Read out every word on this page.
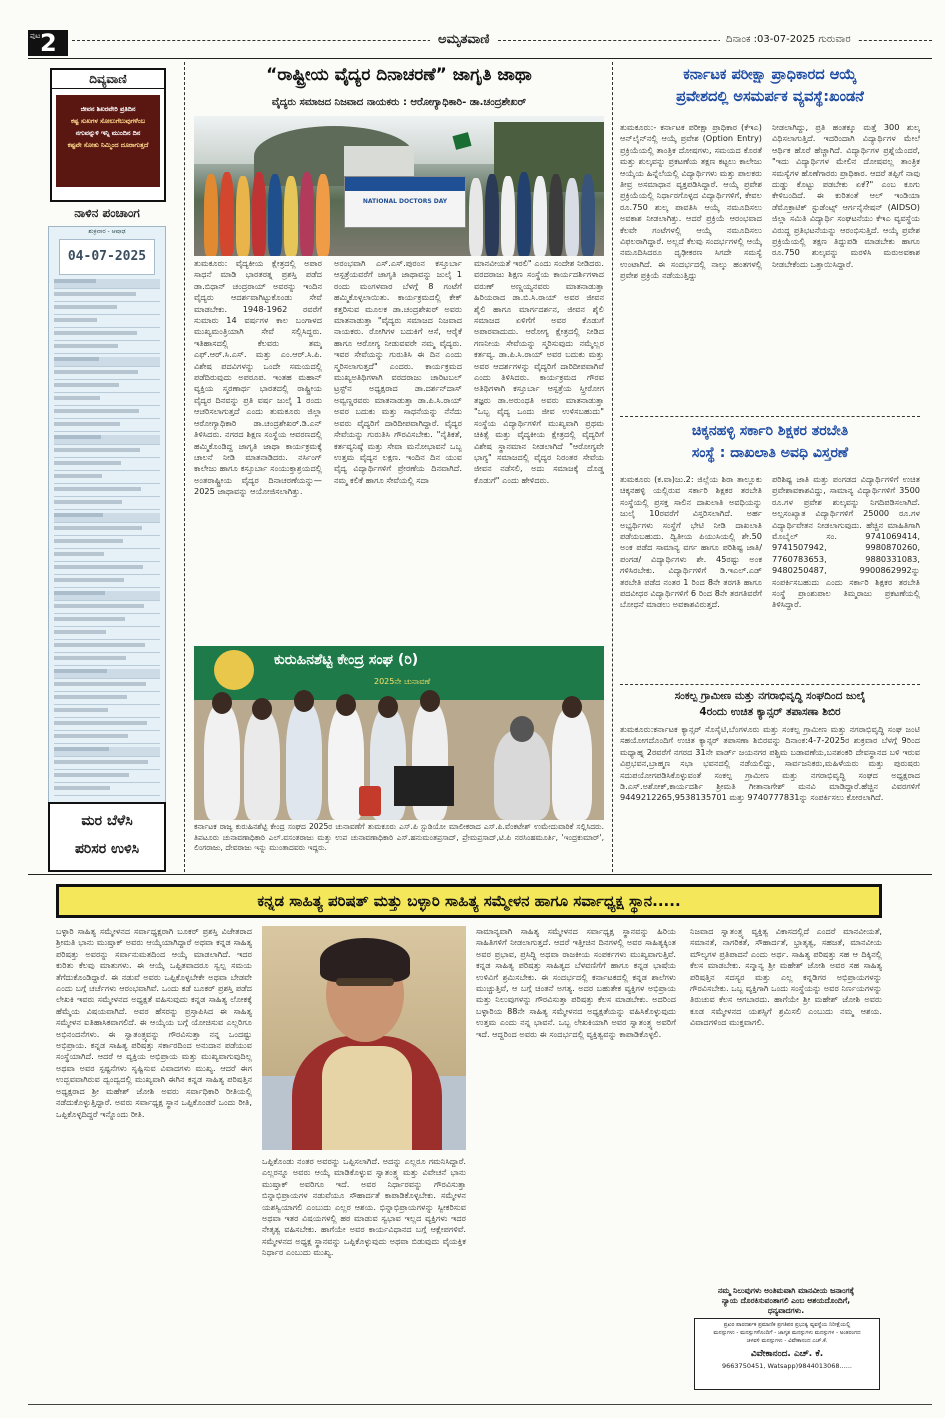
ಪುಟ 2	ಅಮೃತವಾಣಿ	ದಿನಾಂಕ :03-07-2025 ಗುರುವಾರ
ದಿವ್ಯವಾಣಿ
ಜೀವನ ಶಿಖರವೇರಿ ಪ್ರತಿದಿನ
ಕಷ್ಟ ಸುಖಗಳ ಸೋಲುಗೆಲುವುಗಳೆಂಬ
ನಗುವನ್ನುಳಿ ಇನ್ನಿ ಮುಂದಿನ ದಿನ
ಕಷ್ಟವೇ ಸೋತು ನಿಮ್ಮಿಂದ ದೂರಾಗುತ್ತದೆ
ನಾಳಿನ ಪಂಚಾಂಗ
ಶುಕ್ರವಾರ - ಆಷಾಢ
04-07-2025
ಮರ ಬೆಳೆಸಿ
ಪರಿಸರ ಉಳಿಸಿ
“ರಾಷ್ಟ್ರೀಯ ವೈದ್ಯರ ದಿನಾಚರಣೆ” ಜಾಗೃತಿ ಜಾಥಾ
ವೈದ್ಯರು ಸಮಾಜದ ನಿಜವಾದ ನಾಯಕರು : ಆರೋಗ್ಯಾಧಿಕಾರಿ- ಡಾ.ಚಂದ್ರಶೇಖರ್
NATIONAL DOCTORS DAY

ತುಮಕೂರು: ವೈದ್ಯಕೀಯ ಕ್ಷೇತ್ರದಲ್ಲಿ ಅಪಾರ ಸಾಧನೆ ಮಾಡಿ ಭಾರತರತ್ನ ಪ್ರಶಸ್ತಿ ಪಡೆದ ಡಾ.ಬಿಧಾನ್ ಚಂದ್ರರಾಯ್ ಅವರನ್ನು ಇಂದಿನ ವೈದ್ಯರು ಆದರ್ಶವಾಗಿಟ್ಟುಕೊಂಡು ಸೇವೆ ಮಾಡಬೇಕು. 1948-1962 ರವರೆಗೆ ಸುಮಾರು 14 ವರ್ಷಗಳ ಕಾಲ ಬಂಗಾಳದ ಮುಖ್ಯಮಂತ್ರಿಯಾಗಿ ಸೇವೆ ಸಲ್ಲಿಸಿದ್ದರು. ಇತಿಹಾಸದಲ್ಲಿ ಕೆಲವರು ತಮ್ಮ ಎಫ್.ಆರ್.ಸಿ.ಎಸ್. ಮತ್ತು ಎಂ.ಆರ್.ಸಿ.ಪಿ. ವಿಶೇಷ ಪದವಿಗಳನ್ನು ಒಂದೇ ಸಮಯದಲ್ಲಿ ಪಡೆದಿರುವುದು ಅಪರೂಪ. ಇಂತಹ ಮಹಾನ್ ವ್ಯಕ್ತಿಯ ಸ್ಮರಣಾರ್ಥ ಭಾರತದಲ್ಲಿ ರಾಷ್ಟ್ರೀಯ ವೈದ್ಯರ ದಿನವನ್ನು ಪ್ರತಿ ವರ್ಷ ಜುಲೈ 1 ರಂದು ಆಚರಿಸಲಾಗುತ್ತದೆ ಎಂದು ತುಮಕೂರು ಜಿಲ್ಲಾ ಆರೋಗ್ಯಾಧಿಕಾರಿ ಡಾ.ಚಂದ್ರಶೇಖರ್.ಡಿ.ಎನ್ ತಿಳಿಸಿದರು. ನಗರದ ಶಿಕ್ಷಣ ಸಂಸ್ಥೆಯ ಆವರಣದಲ್ಲಿ ಹಮ್ಮಿಕೊಂಡಿದ್ದ ಜಾಗೃತಿ ಜಾಥಾ ಕಾರ್ಯಕ್ರಮಕ್ಕೆ ಚಾಲನೆ ನೀಡಿ ಮಾತನಾಡಿದರು. ನರ್ಸಿಂಗ್ ಕಾಲೇಜು ಹಾಗೂ ಕಸ್ತೂರ್ಬಾ ಸಂಯುಕ್ತಾಶ್ರಯದಲ್ಲಿ ಅಂತರಾಷ್ಟ್ರೀಯ ವೈದ್ಯರ ದಿನಾಚರಣೆಯನ್ನು—2025 ಜಾಥಾವನ್ನು ಆಯೋಜಿಸಲಾಗಿತ್ತು.

ಅರಂಭವಾಗಿ ಎಸ್.ಎಸ್.ಪುರಂನ ಕಸ್ತೂರ್ಬಾ ಆಸ್ಪತ್ರೆಯವರೆಗೆ ಜಾಗೃತಿ ಜಾಥಾವನ್ನು ಜುಲೈ 1 ರಂದು ಮಂಗಳವಾರ ಬೆಳಗ್ಗೆ 8 ಗಂಟೆಗೆ ಹಮ್ಮಿಕೊಳ್ಳಲಾಯಿತು. ಕಾರ್ಯಕ್ರಮದಲ್ಲಿ ಕೇಕ್ ಕತ್ತರಿಸುವ ಮೂಲಕ ಡಾ.ಚಂದ್ರಶೇಖರ್ ಅವರು ಮಾತನಾಡುತ್ತಾ "ವೈದ್ಯರು ಸಮಾಜದ ನಿಜವಾದ ನಾಯಕರು. ರೋಗಿಗಳ ಬದುಕಿಗೆ ಆಸೆ, ಆರೈಕೆ ಹಾಗೂ ಆರೋಗ್ಯ ನೀಡುವವರೇ ನಮ್ಮ ವೈದ್ಯರು. ಇವರ ಸೇವೆಯನ್ನು ಗುರುತಿಸಿ ಈ ದಿನ ಎಂದು ಸ್ಮರಿಸಲಾಗುತ್ತದೆ" ಎಂದರು. ಕಾರ್ಯಕ್ರಮದ ಮುಖ್ಯಅತಿಥಿಗಳಾಗಿ ವರದರಾಜು ಚಾರಿಟಬಲ್ ಟ್ರಸ್ಟ್‌ನ ಅಧ್ಯಕ್ಷರಾದ ಡಾ.ದರ್ಶನ್‌ದಾಸ್ ಅವ್ವಣ್ಣರವರು ಮಾತನಾಡುತ್ತಾ ಡಾ.ಪಿ.ಸಿ.ರಾಯ್ ಅವರ ಬದುಕು ಮತ್ತು ಸಾಧನೆಯನ್ನು ನೆನೆದು ಅವರು ವೈದ್ಯರಿಗೆ ದಾರಿದೀಪವಾಗಿದ್ದಾರೆ. ವೈದ್ಯರ ಸೇವೆಯನ್ನು ಗುರುತಿಸಿ ಗೌರವಿಸಬೇಕು. "ನೈತಿಕತೆ, ಕರ್ತವ್ಯನಿಷ್ಠೆ ಮತ್ತು ಸೇವಾ ಮನೋಭಾವನೆ ಒಬ್ಬ ಉತ್ತಮ ವೈದ್ಯನ ಲಕ್ಷಣ. ಇಂದಿನ ದಿನ ಯುವ ವೈದ್ಯ ವಿದ್ಯಾರ್ಥಿಗಳಿಗೆ ಪ್ರೇರಣೆಯ ದಿನವಾಗಿದೆ. ನಮ್ಮ ಕಲಿಕೆ ಹಾಗೂ ಸೇವೆಯಲ್ಲಿ ಸದಾ

ಮಾನವೀಯತೆ ಇರಲಿ" ಎಂದು ಸಂದೇಶ ನೀಡಿದರು. ವರದರಾಜು ಶಿಕ್ಷಣ ಸಂಸ್ಥೆಯ ಕಾರ್ಯದರ್ಶಿಗಳಾದ ವರುಣ್ ಅಣ್ಣಯ್ಯನವರು ಮಾತನಾಡುತ್ತಾ ಹಿರಿಯರಾದ ಡಾ.ಬಿ.ಸಿ.ರಾಯ್ ಅವರ ಜೀವನ ಶೈಲಿ ಹಾಗೂ ಮಾರ್ಗದರ್ಶನ, ಜೀವನ ಶೈಲಿ ಸಮಾಜದ ಏಳಿಗೆಗೆ ಅವರ ಕೊಡುಗೆ ಅಪಾರವಾದುದು. ಆರೋಗ್ಯ ಕ್ಷೇತ್ರದಲ್ಲಿ ನೀಡಿದ ಗಣನೀಯ ಸೇವೆಯನ್ನು ಸ್ಮರಿಸುವುದು ನಮ್ಮೆಲ್ಲರ ಕರ್ತವ್ಯ. ಡಾ.ಪಿ.ಸಿ.ರಾಯ್ ಅವರ ಬದುಕು ಮತ್ತು ಅವರ ಆದರ್ಶಗಳನ್ನು ವೈದ್ಯರಿಗೆ ದಾರಿದೀಪವಾಗಿವೆ ಎಂದು ತಿಳಿಸಿದರು. ಕಾರ್ಯಕ್ರಮದ ಗೌರವ ಅತಿಥಿಗಳಾಗಿ ಕಸ್ತೂರ್ಬಾ ಆಸ್ಪತ್ರೆಯ ಸ್ತ್ರೀರೋಗ ತಜ್ಞರು ಡಾ.ಅರುಂಧತಿ ಅವರು ಮಾತನಾಡುತ್ತಾ "ಒಬ್ಬ ವೈದ್ಯ ಒಂದು ಜೀವ ಉಳಿಸಬಹುದು" ಸಂಸ್ಥೆಯ ವಿದ್ಯಾರ್ಥಿಗಳಿಗೆ ಮುಖ್ಯವಾಗಿ ಪ್ರಥಮ ಚಿಕಿತ್ಸೆ ಮತ್ತು ವೈದ್ಯಕೀಯ ಕ್ಷೇತ್ರದಲ್ಲಿ ವೈದ್ಯರಿಗೆ ವಿಶೇಷ ಸ್ಥಾನಮಾನ ನೀಡಲಾಗಿದೆ "ಆರೋಗ್ಯವೇ ಭಾಗ್ಯ" ಸಮಾಜದಲ್ಲಿ ವೈದ್ಯರ ನಿರಂತರ ಸೇವೆಯ ಜೀವನ ನಡೆಸಲಿ, ಅದು ಸಮಾಜಕ್ಕೆ ದೊಡ್ಡ ಕೊಡುಗೆ" ಎಂದು ಹೇಳಿದರು.

ಕುರುಹಿನಶೆಟ್ಟಿ ಕೇಂದ್ರ ಸಂಘ (ರಿ)
2025ನೇ ಚುನಾವಣೆ

ಕರ್ನಾಟಕ ರಾಜ್ಯ ಕುರುಹಿನಶೆಟ್ಟಿ ಕೇಂದ್ರ ಸಂಘದ 2025ರ ಚುನಾವಣೆಗೆ ತುಮಕೂರು ಎಸ್.ಪಿ ಸ್ಟುಡಿಯೋ ಮಾಲೀಕರಾದ ಎಸ್.ಪಿ.ವೆಂಕಟೇಶ್ ಉಮೇದುವಾರಿಕೆ ಸಲ್ಲಿಸಿದರು. ತಿಪಟೂರು ಚುನಾವಣಾಧಿಕಾರಿ ಎಲ್.ವಸಂತರಾಜು ಮತ್ತು ಉಪ ಚುನಾವಣಾಧಿಕಾರಿ ಎಸ್.ಹನುಮಂತಪ್ರಸಾದ್, ಪ್ರೇಮಪ್ರಸಾದ್,ಟಿ.ಪಿ ನರಸಿಂಹಮೂರ್ತಿ, 'ಇಂದ್ರಕುಮಾರ್', ಲಿಂಗರಾಜು, ದೇವರಾಜು ಇನ್ನು ಮುಂತಾದವರು ಇದ್ದರು.

ಕರ್ನಾಟಕ ಪರೀಕ್ಷಾ ಪ್ರಾಧಿಕಾರದ ಆಯ್ಕೆ
ಪ್ರವೇಶದಲ್ಲಿ ಅಸಮರ್ಪಕ ವ್ಯವಸ್ಥೆ:ಖಂಡನೆ

ತುಮಕೂರು:- ಕರ್ನಾಟಕ ಪರೀಕ್ಷಾ ಪ್ರಾಧಿಕಾರ (ಕೆಇಎ) ಆನ್‌ಲೈನ್‌ನಲ್ಲಿ ಆಯ್ಕೆ ಪ್ರವೇಶ (Option Entry) ಪ್ರಕ್ರಿಯೆಯಲ್ಲಿ ತಾಂತ್ರಿಕ ದೋಷಗಳು, ಸಮಯದ ಕೊರತೆ ಮತ್ತು ಶುಲ್ಕವನ್ನು ಪ್ರಕಟಣೆಯ ತಕ್ಷಣ ಕಟ್ಟಲು ಕಾಲೇಜು ಆಯ್ಕೆಯ ಹಿನ್ನೆಲೆಯಲ್ಲಿ ವಿದ್ಯಾರ್ಥಿಗಳು ಮತ್ತು ಪಾಲಕರು ತೀವ್ರ ಅಸಮಾಧಾನ ವ್ಯಕ್ತಪಡಿಸಿದ್ದಾರೆ. ಆಯ್ಕೆ ಪ್ರವೇಶ ಪ್ರಕ್ರಿಯೆಯಲ್ಲಿ ನಿರ್ಧಾರಗೊಳ್ಳದ ವಿದ್ಯಾರ್ಥಿಗಳಿಗೆ, ಕೇವಲ ರೂ.750 ಶುಲ್ಕ ಪಾವತಿಸಿ ಆಯ್ಕೆ ನಮೂದಿಸಲು ಅವಕಾಶ ನೀಡಲಾಗಿತ್ತು. ಆದರೆ ಪ್ರಕ್ರಿಯೆ ಆರಂಭವಾದ ಕೆಲವೇ ಗಂಟೆಗಳಲ್ಲಿ ಆಯ್ಕೆ ನಮೂದಿಸಲು ವಿಫಲರಾಗಿದ್ದಾರೆ. ಅಲ್ಲದೆ ಕೆಲವು ಸಂದರ್ಭಗಳಲ್ಲಿ ಆಯ್ಕೆ ನಮೂದಿಸಿದರೂ ದೃಢೀಕರಣ ಸಿಗದೇ ಸಮಸ್ಯೆ ಉಂಟಾಗಿದೆ. ಈ ಸಂದರ್ಭದಲ್ಲಿ ನಾಲ್ಕು ಹಂತಗಳಲ್ಲಿ ಪ್ರವೇಶ ಪ್ರಕ್ರಿಯೆ ನಡೆಯುತ್ತಿದ್ದು

ನೀಡಲಾಗಿದ್ದು, ಪ್ರತಿ ಹಂತಕ್ಕೂ ಮತ್ತೆ 300 ಶುಲ್ಕ ವಿಧಿಸಲಾಗುತ್ತಿದೆ. ಇದರಿಂದಾಗಿ ವಿದ್ಯಾರ್ಥಿಗಳ ಮೇಲೆ ಆರ್ಥಿಕ ಹೊರೆ ಹೆಚ್ಚಾಗಿದೆ. ವಿದ್ಯಾರ್ಥಿಗಳ ಪ್ರಶ್ನೆಯೆಂದರೆ, "ಇದು ವಿದ್ಯಾರ್ಥಿಗಳ ಮೇಲಿನ ದೋಷವಲ್ಲ ತಾಂತ್ರಿಕ ಸಮಸ್ಯೆಗಳ ಹೊಣೆಗಾರರು ಪ್ರಾಧಿಕಾರ. ಆದರೆ ತಪ್ಪಿಗೆ ನಾವು ದುಡ್ಡು ಕೊಟ್ಟು ಪಡಬೇಕು ಏಕೆ?" ಎಂಬ ಕೂಗು ಕೇಳಿಬಂದಿದೆ. ಈ ಕುರಿತಂತೆ ಆಲ್ ಇಂಡಿಯಾ ಡೆಮೊಕ್ರಾಟಿಕ್ ಸ್ಟುಡೆಂಟ್ಸ್ ಆರ್ಗನೈಸೇಷನ್ (AIDSO) ಜಿಲ್ಲಾ ಸಮಿತಿ ವಿದ್ಯಾರ್ಥಿ ಸಂಘಟನೆಯು ಕೆಇಎ ವ್ಯವಸ್ಥೆಯ ವಿರುದ್ಧ ಪ್ರತಿಭಟನೆಯನ್ನು ಆರಂಭಿಸುತ್ತಿದೆ. ಆಯ್ಕೆ ಪ್ರವೇಶ ಪ್ರಕ್ರಿಯೆಯಲ್ಲಿ ತಕ್ಷಣ ತಿದ್ದುಪಡಿ ಮಾಡಬೇಕು ಹಾಗೂ ರೂ.750 ಶುಲ್ಕವನ್ನು ಮರಳಿಸಿ ಮರುಅವಕಾಶ ನೀಡಬೇಕೆಂದು ಒತ್ತಾಯಿಸಿದ್ದಾರೆ.

ಚಿಕ್ಕನಹಳ್ಳಿ ಸರ್ಕಾರಿ ಶಿಕ್ಷಕರ ತರಬೇತಿ
ಸಂಸ್ಥೆ : ದಾಖಲಾತಿ ಅವಧಿ ವಿಸ್ತರಣೆ

ತುಮಕೂರು (ಕ.ವಾ)ಜು.2: ಜಿಲ್ಲೆಯ ಶಿರಾ ತಾಲ್ಲೂಕು ಚಿಕ್ಕನಹಳ್ಳಿ ಯಲ್ಲಿರುವ ಸರ್ಕಾರಿ ಶಿಕ್ಷಕರ ತರಬೇತಿ ಸಂಸ್ಥೆಯಲ್ಲಿ ಪ್ರಸಕ್ತ ಸಾಲಿನ ದಾಖಲಾತಿ ಅವಧಿಯನ್ನು ಜುಲೈ 10ರವರೆಗೆ ವಿಸ್ತರಿಸಲಾಗಿದೆ. ಅರ್ಹ ಅಭ್ಯರ್ಥಿಗಳು ಸಂಸ್ಥೆಗೆ ಭೇಟಿ ನೀಡಿ ದಾಖಲಾತಿ ಪಡೆಯಬಹುದು. ದ್ವಿತೀಯ ಪಿಯುಸಿಯಲ್ಲಿ ಶೇ.50 ಅಂಕ ಪಡೆದ ಸಾಮಾನ್ಯ ವರ್ಗ ಹಾಗೂ ಪರಿಶಿಷ್ಟ ಜಾತಿ/ಪಂಗಡ/ ವಿದ್ಯಾರ್ಥಿಗಳು ಶೇ. 45ರಷ್ಟು ಅಂಕ ಗಳಿಸಿರಬೇಕು. ವಿದ್ಯಾರ್ಥಿಗಳಿಗೆ ಡಿ.ಇಎಲ್.ಎಡ್ ತರಬೇತಿ ಪಡೆದ ನಂತರ 1 ರಿಂದ 8ನೇ ತರಗತಿ ಹಾಗೂ ಪದವೀಧರ ವಿದ್ಯಾರ್ಥಿಗಳಿಗೆ 6 ರಿಂದ 8ನೇ ತರಗತಿವರೆಗೆ ಬೋಧನೆ ಮಾಡಲು ಅವಕಾಶವಿರುತ್ತದೆ.

ಪರಿಶಿಷ್ಟ ಜಾತಿ ಮತ್ತು ಪಂಗಡದ ವಿದ್ಯಾರ್ಥಿಗಳಿಗೆ ಉಚಿತ ಪ್ರವೇಶಾವಕಾಶವಿದ್ದು, ಸಾಮಾನ್ಯ ವಿದ್ಯಾರ್ಥಿಗಳಿಗೆ 3500 ರೂ.ಗಳ ಪ್ರವೇಶ ಶುಲ್ಕವನ್ನು ನಿಗದಿಪಡಿಸಲಾಗಿದೆ. ಅಲ್ಪಸಂಖ್ಯಾತ ವಿದ್ಯಾರ್ಥಿಗಳಿಗೆ 25000 ರೂ.ಗಳ ವಿದ್ಯಾರ್ಥಿವೇತನ ನೀಡಲಾಗುವುದು. ಹೆಚ್ಚಿನ ಮಾಹಿತಿಗಾಗಿ ಮೊಬೈಲ್ ಸಂ. 9741069414, 9741507942, 9980870260, 7760783653, 9880331083, 9480250487, 9900862992ನ್ನು ಸಂಪರ್ಕಿಸಬಹುದು ಎಂದು ಸರ್ಕಾರಿ ಶಿಕ್ಷಕರ ತರಬೇತಿ ಸಂಸ್ಥೆ ಪ್ರಾಂಶುಪಾಲ ತಿಮ್ಮರಾಜು ಪ್ರಕಟಣೆಯಲ್ಲಿ ತಿಳಿಸಿದ್ದಾರೆ.

ಸಂಕಲ್ಪ ಗ್ರಾಮೀಣ ಮತ್ತು ನಗರಾಭಿವೃದ್ಧಿ ಸಂಘದಿಂದ ಜುಲೈ
4ರಂದು ಉಚಿತ ಕ್ಯಾನ್ಸರ್ ತಪಾಸಣಾ ಶಿಬಿರ

ತುಮಕೂರು:ಕರ್ನಾಟಕ ಕ್ಯಾನ್ಸರ್ ಸೊಸೈಟಿ,ಬೆಂಗಳೂರು ಮತ್ತು ಸಂಕಲ್ಪ ಗ್ರಾಮೀಣ ಮತ್ತು ನಗರಾಭಿವೃದ್ಧಿ ಸಂಘ ಜಂಟಿ ಸಹಯೋಗದೊಂದಿಗೆ ಉಚಿತ ಕ್ಯಾನ್ಸರ್ ತಪಾಸಣಾ ಶಿಬಿರವನ್ನು ದಿನಾಂಕ:4-7-2025ರ ಶುಕ್ರವಾರ ಬೆಳಗ್ಗೆ 9ರಿಂದ ಮಧ್ಯಾಹ್ನ 2ರವರೆಗೆ ನಗರದ 31ನೇ ವಾರ್ಡ್ ಜಯನಗರ ಪಶ್ಚಿಮ ಬಡಾವಣೆಯ,ಬನಶಂಕರಿ ದೇವಸ್ಥಾನದ ಬಳಿ ಇರುವ ವಿಪ್ರಭವನ,ಬ್ರಾಹ್ಮಣ ಸಭಾ ಭವನದಲ್ಲಿ ನಡೆಯಲಿದ್ದು, ಸಾರ್ವಜನಿಕರು,ಮಹಿಳೆಯರು ಮತ್ತು ಪುರುಷರು ಸದುಪಯೋಗಪಡಿಸಿಕೊಳ್ಳುವಂತೆ ಸಂಕಲ್ಪ ಗ್ರಾಮೀಣ ಮತ್ತು ನಗರಾಭಿವೃದ್ಧಿ ಸಂಘದ ಅಧ್ಯಕ್ಷರಾದ ಡಿ.ಎಸ್.ಅಶೋಕ್,ಕಾರ್ಯದರ್ಶಿ ಶ್ರೀಮತಿ ಗೀತಾನಾಗೇಶ್ ಮನವಿ ಮಾಡಿದ್ದಾರೆ.ಹೆಚ್ಚಿನ ವಿವರಗಳಿಗೆ 9449212265,9538135701 ಮತ್ತು 9740777831ನ್ನು ಸಂಪರ್ಕಿಸಲು ಕೋರಲಾಗಿದೆ.

ಕನ್ನಡ ಸಾಹಿತ್ಯ ಪರಿಷತ್ ಮತ್ತು ಬಳ್ಳಾರಿ ಸಾಹಿತ್ಯ ಸಮ್ಮೇಳನ ಹಾಗೂ ಸರ್ವಾಧ್ಯಕ್ಷ ಸ್ಥಾನ.....

ಬಳ್ಳಾರಿ ಸಾಹಿತ್ಯ ಸಮ್ಮೇಳನದ ಸರ್ವಾಧ್ಯಕ್ಷರಾಗಿ ಬೂಕರ್ ಪ್ರಶಸ್ತಿ ವಿಜೇತರಾದ ಶ್ರೀಮತಿ ಭಾನು ಮುಷ್ತಾಕ್ ಅವರು ಆಯ್ಕೆಯಾಗಿದ್ದಾರೆ ಅಥವಾ ಕನ್ನಡ ಸಾಹಿತ್ಯ ಪರಿಷತ್ತು ಅವರನ್ನು ಸರ್ವಾನುಮತದಿಂದ ಆಯ್ಕೆ ಮಾಡಲಾಗಿದೆ. ಇದರ ಕುರಿತು ಕೆಲವು ಮಾತುಗಳು. ಈ ಆಯ್ಕೆ ಒಪ್ಪಿತವಾದರೂ ಸ್ವಲ್ಪ ಸಮಯ ತೆಗೆದುಕೊಂಡಿದ್ದಾರೆ. ಈ ನಡುವೆ ಅವರು ಒಪ್ಪಿಕೊಳ್ಳಬೇಕೇ ಅಥವಾ ಬೇಡವೇ ಎಂದು ಬಗ್ಗೆ ಚರ್ಚೆಗಳು ಆರಂಭವಾಗಿವೆ. ಒಂದು ಕಡೆ ಬೂಕರ್ ಪ್ರಶಸ್ತಿ ಪಡೆದ ಲೇಖಕಿ ಇವರು ಸಮ್ಮೇಳನದ ಅಧ್ಯಕ್ಷತೆ ವಹಿಸುವುದು ಕನ್ನಡ ಸಾಹಿತ್ಯ ಲೋಕಕ್ಕೆ ಹೆಮ್ಮೆಯ ವಿಷಯವಾಗಿದೆ. ಅವರ ಹೆಸರನ್ನು ಪ್ರಸ್ತಾಪಿಸಿದ ಈ ಸಾಹಿತ್ಯ ಸಮ್ಮೇಳನ ಐತಿಹಾಸಿಕವಾಗಲಿದೆ. ಈ ಆಯ್ಕೆಯ ಬಗ್ಗೆ ಯೋಚಿಸುವ ಎಲ್ಲರಿಗೂ ಅಭಿನಂದನೆಗಳು. ಈ ಸ್ವಾತಂತ್ರ್ಯವನ್ನು ಗೌರವಿಸುತ್ತಾ ನನ್ನ ಒಂದಷ್ಟು ಅಭಿಪ್ರಾಯ. ಕನ್ನಡ ಸಾಹಿತ್ಯ ಪರಿಷತ್ತು ಸರ್ಕಾರದಿಂದ ಅನುದಾನ ಪಡೆಯುವ ಸಂಸ್ಥೆಯಾಗಿದೆ. ಆದರೆ ಆ ವ್ಯಕ್ತಿಯ ಅಭಿಪ್ರಾಯ ಮತ್ತು ಮುಖ್ಯವಾಗುವುದಿಲ್ಲ ಅಥವಾ ಅವರ ಸ್ಪಷ್ಟನೆಗಳು ಸೃಷ್ಟಿಸುವ ವಿವಾದಗಳು ಮುಖ್ಯ. ಆದರೆ ಈಗ ಉದ್ಭವವಾಗಿರುವ ದ್ವಂದ್ವದಲ್ಲಿ ಮುಖ್ಯವಾಗಿ ಈಗಿನ ಕನ್ನಡ ಸಾಹಿತ್ಯ ಪರಿಷತ್ತಿನ ಅಧ್ಯಕ್ಷರಾದ ಶ್ರೀ ಮಹೇಶ್ ಜೋಶಿ ಅವರು ಸರ್ವಾಧಿಕಾರಿ ರೀತಿಯಲ್ಲಿ ನಡೆದುಕೊಳ್ಳುತ್ತಿದ್ದಾರೆ. ಅವರು ಸರ್ವಾಧ್ಯಕ್ಷ ಸ್ಥಾನ ಒಪ್ಪಿಕೊಂಡರೆ ಒಂದು ರೀತಿ, ಒಪ್ಪಿಕೊಳ್ಳದಿದ್ದರೆ ಇನ್ನೊಂದು ರೀತಿ.

ಒಪ್ಪಿಕೊಂಡು ನಂತರ ಅವರನ್ನು ಒಪ್ಪಿಸಲಾಗಿದೆ. ಅದನ್ನು ಎಲ್ಲರೂ ಗಮನಿಸಿದ್ದಾರೆ. ಎಲ್ಲರನ್ನೂ ಅವರು ಆಯ್ಕೆ ಮಾಡಿಕೊಳ್ಳುವ ಸ್ವಾತಂತ್ರ್ಯ ಮತ್ತು ವಿವೇಚನೆ ಭಾನು ಮುಷ್ತಾಕ್ ಅವರಿಗೂ ಇದೆ. ಅವರ ನಿರ್ಧಾರವನ್ನು ಗೌರವಿಸುತ್ತಾ ಬಿನ್ನಾಭಿಪ್ರಾಯಗಳ ನಡುವೆಯೂ ಸೌಹಾರ್ದತೆ ಕಾಪಾಡಿಕೊಳ್ಳಬೇಕು. ಸಮ್ಮೇಳನ ಯಶಸ್ವಿಯಾಗಲಿ ಎಂಬುದು ಎಲ್ಲರ ಆಶಯ. ಭಿನ್ನಾಭಿಪ್ರಾಯಗಳನ್ನು ಸ್ವೀಕರಿಸುವ ಅಥವಾ ಇತರ ವಿಷಯಗಳಲ್ಲಿ ಹಠ ಮಾಡುವ ಸ್ವಭಾವ ಇಲ್ಲದ ವ್ಯಕ್ತಿಗಳು ಇದರ ನೇತೃತ್ವ ವಹಿಸಬೇಕು. ಹಾಗೆಯೇ ಅವರ ಕಾರ್ಯವಿಧಾನದ ಬಗ್ಗೆ ಆಕ್ಷೇಪಗಳಿವೆ. ಸಮ್ಮೇಳನದ ಅಧ್ಯಕ್ಷ ಸ್ಥಾನವನ್ನು ಒಪ್ಪಿಕೊಳ್ಳುವುದು ಅಥವಾ ಬಿಡುವುದು ವೈಯಕ್ತಿಕ ನಿರ್ಧಾರ ಎಂಬುದು ಮುಖ್ಯ.

ಸಾಮಾನ್ಯವಾಗಿ ಸಾಹಿತ್ಯ ಸಮ್ಮೇಳನದ ಸರ್ವಾಧ್ಯಕ್ಷ ಸ್ಥಾನವನ್ನು ಹಿರಿಯ ಸಾಹಿತಿಗಳಿಗೆ ನೀಡಲಾಗುತ್ತದೆ. ಆದರೆ ಇತ್ತೀಚಿನ ದಿನಗಳಲ್ಲಿ ಅವರ ಸಾಹಿತ್ಯಕ್ಕಿಂತ ಅವರ ಪ್ರಭಾವ, ಪ್ರಸಿದ್ಧಿ ಅಥವಾ ರಾಜಕೀಯ ಸಂಪರ್ಕಗಳು ಮುಖ್ಯವಾಗುತ್ತಿವೆ. ಕನ್ನಡ ಸಾಹಿತ್ಯ ಪರಿಷತ್ತು ಸಾಹಿತ್ಯದ ಬೆಳವಣಿಗೆಗೆ ಹಾಗೂ ಕನ್ನಡ ಭಾಷೆಯ ಉಳಿವಿಗೆ ಶ್ರಮಿಸಬೇಕು. ಈ ಸಂದರ್ಭದಲ್ಲಿ ಕರ್ನಾಟಕದಲ್ಲಿ ಕನ್ನಡ ಶಾಲೆಗಳು ಮುಚ್ಚುತ್ತಿವೆ, ಆ ಬಗ್ಗೆ ಚಿಂತನೆ ಅಗತ್ಯ. ಅದರ ಬಹುತೇಕ ವ್ಯಕ್ತಿಗಳ ಅಭಿಪ್ರಾಯ ಮತ್ತು ನಿಲುವುಗಳನ್ನು ಗೌರವಿಸುತ್ತಾ ಪರಿಷತ್ತು ಕೆಲಸ ಮಾಡಬೇಕು. ಅದರಿಂದ ಬಳ್ಳಾರಿಯ 88ನೇ ಸಾಹಿತ್ಯ ಸಮ್ಮೇಳನದ ಅಧ್ಯಕ್ಷತೆಯನ್ನು ವಹಿಸಿಕೊಳ್ಳುವುದು ಉತ್ತಮ ಎಂದು ನನ್ನ ಭಾವನೆ. ಒಬ್ಬ ಲೇಖಕಿಯಾಗಿ ಅವರ ಸ್ವಾತಂತ್ರ್ಯ ಅವರಿಗೆ ಇದೆ. ಆದ್ದರಿಂದ ಅವರು ಈ ಸಂದರ್ಭದಲ್ಲಿ ವ್ಯಕ್ತಿತ್ವವನ್ನು ಕಾಪಾಡಿಕೊಳ್ಳಲಿ.

ನಿಜವಾದ ಸ್ವಾತಂತ್ರ್ಯ ವ್ಯಕ್ತಿತ್ವ ವಿಕಾಸದಲ್ಲಿದೆ ಎಂದರೆ ಮಾನವೀಯತೆ, ಸಮಾನತೆ, ನಾಗರಿಕತೆ, ಸೌಹಾರ್ದತೆ, ಭ್ರಾತೃತ್ವ, ಸಹಜತೆ, ಮಾನವೀಯ ಮೌಲ್ಯಗಳ ಪ್ರತಿಪಾದನೆ ಎಂದು ಅರ್ಥ. ಸಾಹಿತ್ಯ ಪರಿಷತ್ತು ಸಹ ಆ ದಿಕ್ಕಿನಲ್ಲಿ ಕೆಲಸ ಮಾಡಬೇಕು. ಸನ್ಮಾನ್ಯ ಶ್ರೀ ಮಹೇಶ್ ಜೋಶಿ ಅವರ ಸಹ ಸಾಹಿತ್ಯ ಪರಿಷತ್ತಿನ ಸದಸ್ಯರ ಮತ್ತು ಎಲ್ಲ ಕನ್ನಡಿಗರ ಅಭಿಪ್ರಾಯಗಳನ್ನು ಗೌರವಿಸಬೇಕು. ಒಬ್ಬ ವ್ಯಕ್ತಿಗಾಗಿ ಒಂದು ಸಂಸ್ಥೆಯನ್ನು ಅವರ ನಿರ್ಣಯಗಳನ್ನು ತಿರುಚುವ ಕೆಲಸ ಆಗಬಾರದು. ಹಾಗೆಯೇ ಶ್ರೀ ಮಹೇಶ್ ಜೋಶಿ ಅವರು ಕೂಡ ಸಮ್ಮೇಳನದ ಯಶಸ್ಸಿಗೆ ಶ್ರಮಿಸಲಿ ಎಂಬುದು ನಮ್ಮ ಆಶಯ. ವಿವಾದಗಳಿಂದ ಮುಕ್ತವಾಗಲಿ.

ನಮ್ಮ ನಿಲುವುಗಳು ಅಂತಿಮವಾಗಿ ಮಾನವೀಯ ಜನಾಂಗಕ್ಕೆ
ನ್ಯಾಯ ದೊರಕಿಸುವಂತಾಗಲಿ ಎಂಬ ಆಶಯದೊಂದಿಗೆ,
ಧನ್ಯವಾದಗಳು.
ಪ್ರಖರ ಪಾರದರ್ಶಕ ಪ್ರಮಾಣಿಕ ಪ್ರಗತಿಪರ ಪ್ರಭುತ್ವ ವ್ಯವಸ್ಥೆಯ ನಿರೀಕ್ಷೆಯಲ್ಲಿ
ಮನಸ್ಸುಗಳು - ಮನಸ್ಸುಗಳೊಂದಿಗೆ - ಜಾಗೃತ ಮನಸ್ಸುಗಳು ಮನಸ್ಸುಗಳ - ಅಂತರಂಗದ
ಚಳವಳಿ ಮನಸ್ಸುಗಳು - ವಿವೇಕಾನಂದ ಎಚ್.ಕೆ.
ವಿವೇಕಾನಂದ. ಎಚ್. ಕೆ.
9663750451, Watsapp)9844013068......
